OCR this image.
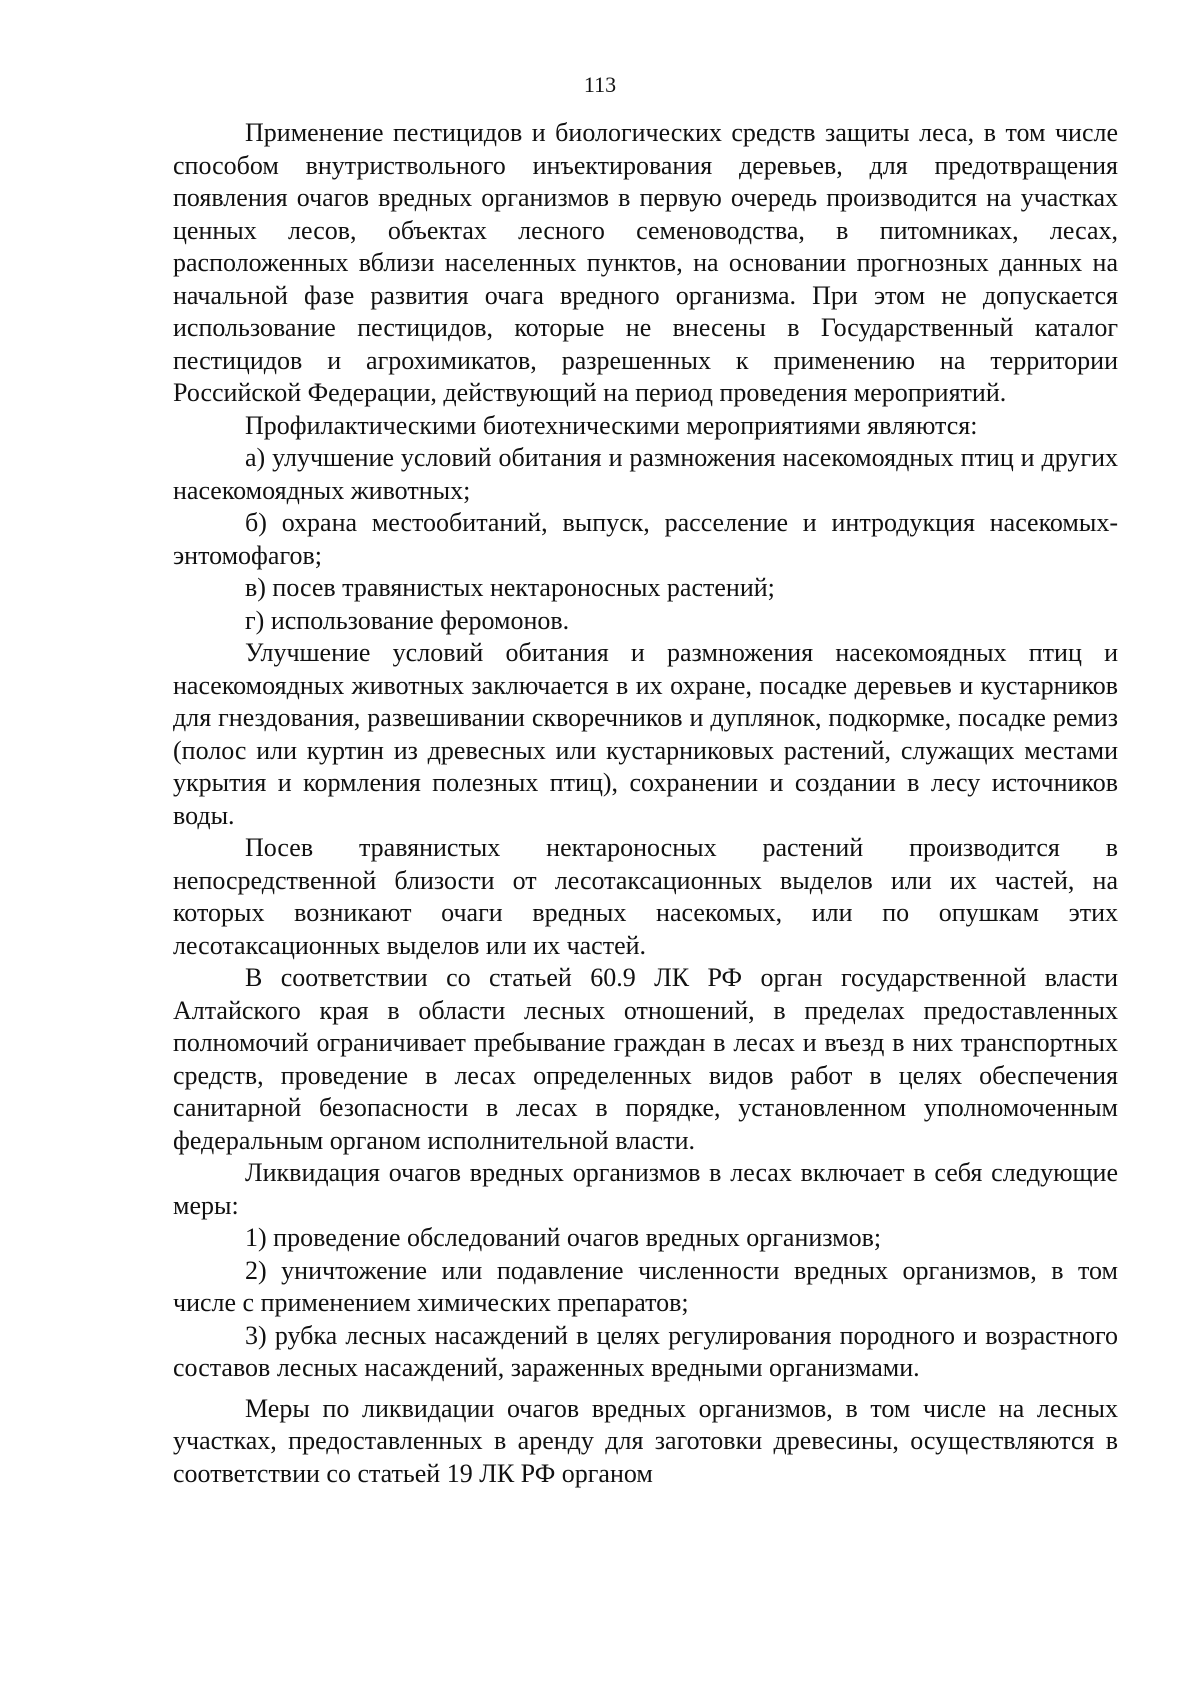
113

Применение пестицидов и биологических средств защиты леса, в том числе способом внутриствольного инъектирования деревьев, для предотвращения появления очагов вредных организмов в первую очередь производится на участках ценных лесов, объектах лесного семеноводства, в питомниках, лесах, расположенных вблизи населенных пунктов, на основании прогнозных данных на начальной фазе развития очага вредного организма. При этом не допускается использование пестицидов, которые не внесены в Государственный каталог пестицидов и агрохимикатов, разрешенных к применению на территории Российской Федерации, действующий на период проведения мероприятий.

Профилактическими биотехническими мероприятиями являются:

а) улучшение условий обитания и размножения насекомоядных птиц и других насекомоядных животных;

б) охрана местообитаний, выпуск, расселение и интродукция насекомых-энтомофагов;

в) посев травянистых нектароносных растений;

г) использование феромонов.

Улучшение условий обитания и размножения насекомоядных птиц и насекомоядных животных заключается в их охране, посадке деревьев и кустарников для гнездования, развешивании скворечников и дуплянок, подкормке, посадке ремиз (полос или куртин из древесных или кустарниковых растений, служащих местами укрытия и кормления полезных птиц), сохранении и создании в лесу источников воды.

Посев травянистых нектароносных растений производится в непосредственной близости от лесотаксационных выделов или их частей, на которых возникают очаги вредных насекомых, или по опушкам этих лесотаксационных выделов или их частей.

В соответствии со статьей 60.9 ЛК РФ орган государственной власти Алтайского края в области лесных отношений, в пределах предоставленных полномочий ограничивает пребывание граждан в лесах и въезд в них транспортных средств, проведение в лесах определенных видов работ в целях обеспечения санитарной безопасности в лесах в порядке, установленном уполномоченным федеральным органом исполнительной власти.

Ликвидация очагов вредных организмов в лесах включает в себя следующие меры:

1) проведение обследований очагов вредных организмов;

2) уничтожение или подавление численности вредных организмов, в том числе с применением химических препаратов;

3) рубка лесных насаждений в целях регулирования породного и возрастного составов лесных насаждений, зараженных вредными организмами.

Меры по ликвидации очагов вредных организмов, в том числе на лесных участках, предоставленных в аренду для заготовки древесины, осуществляются в соответствии со статьей 19 ЛК РФ органом
